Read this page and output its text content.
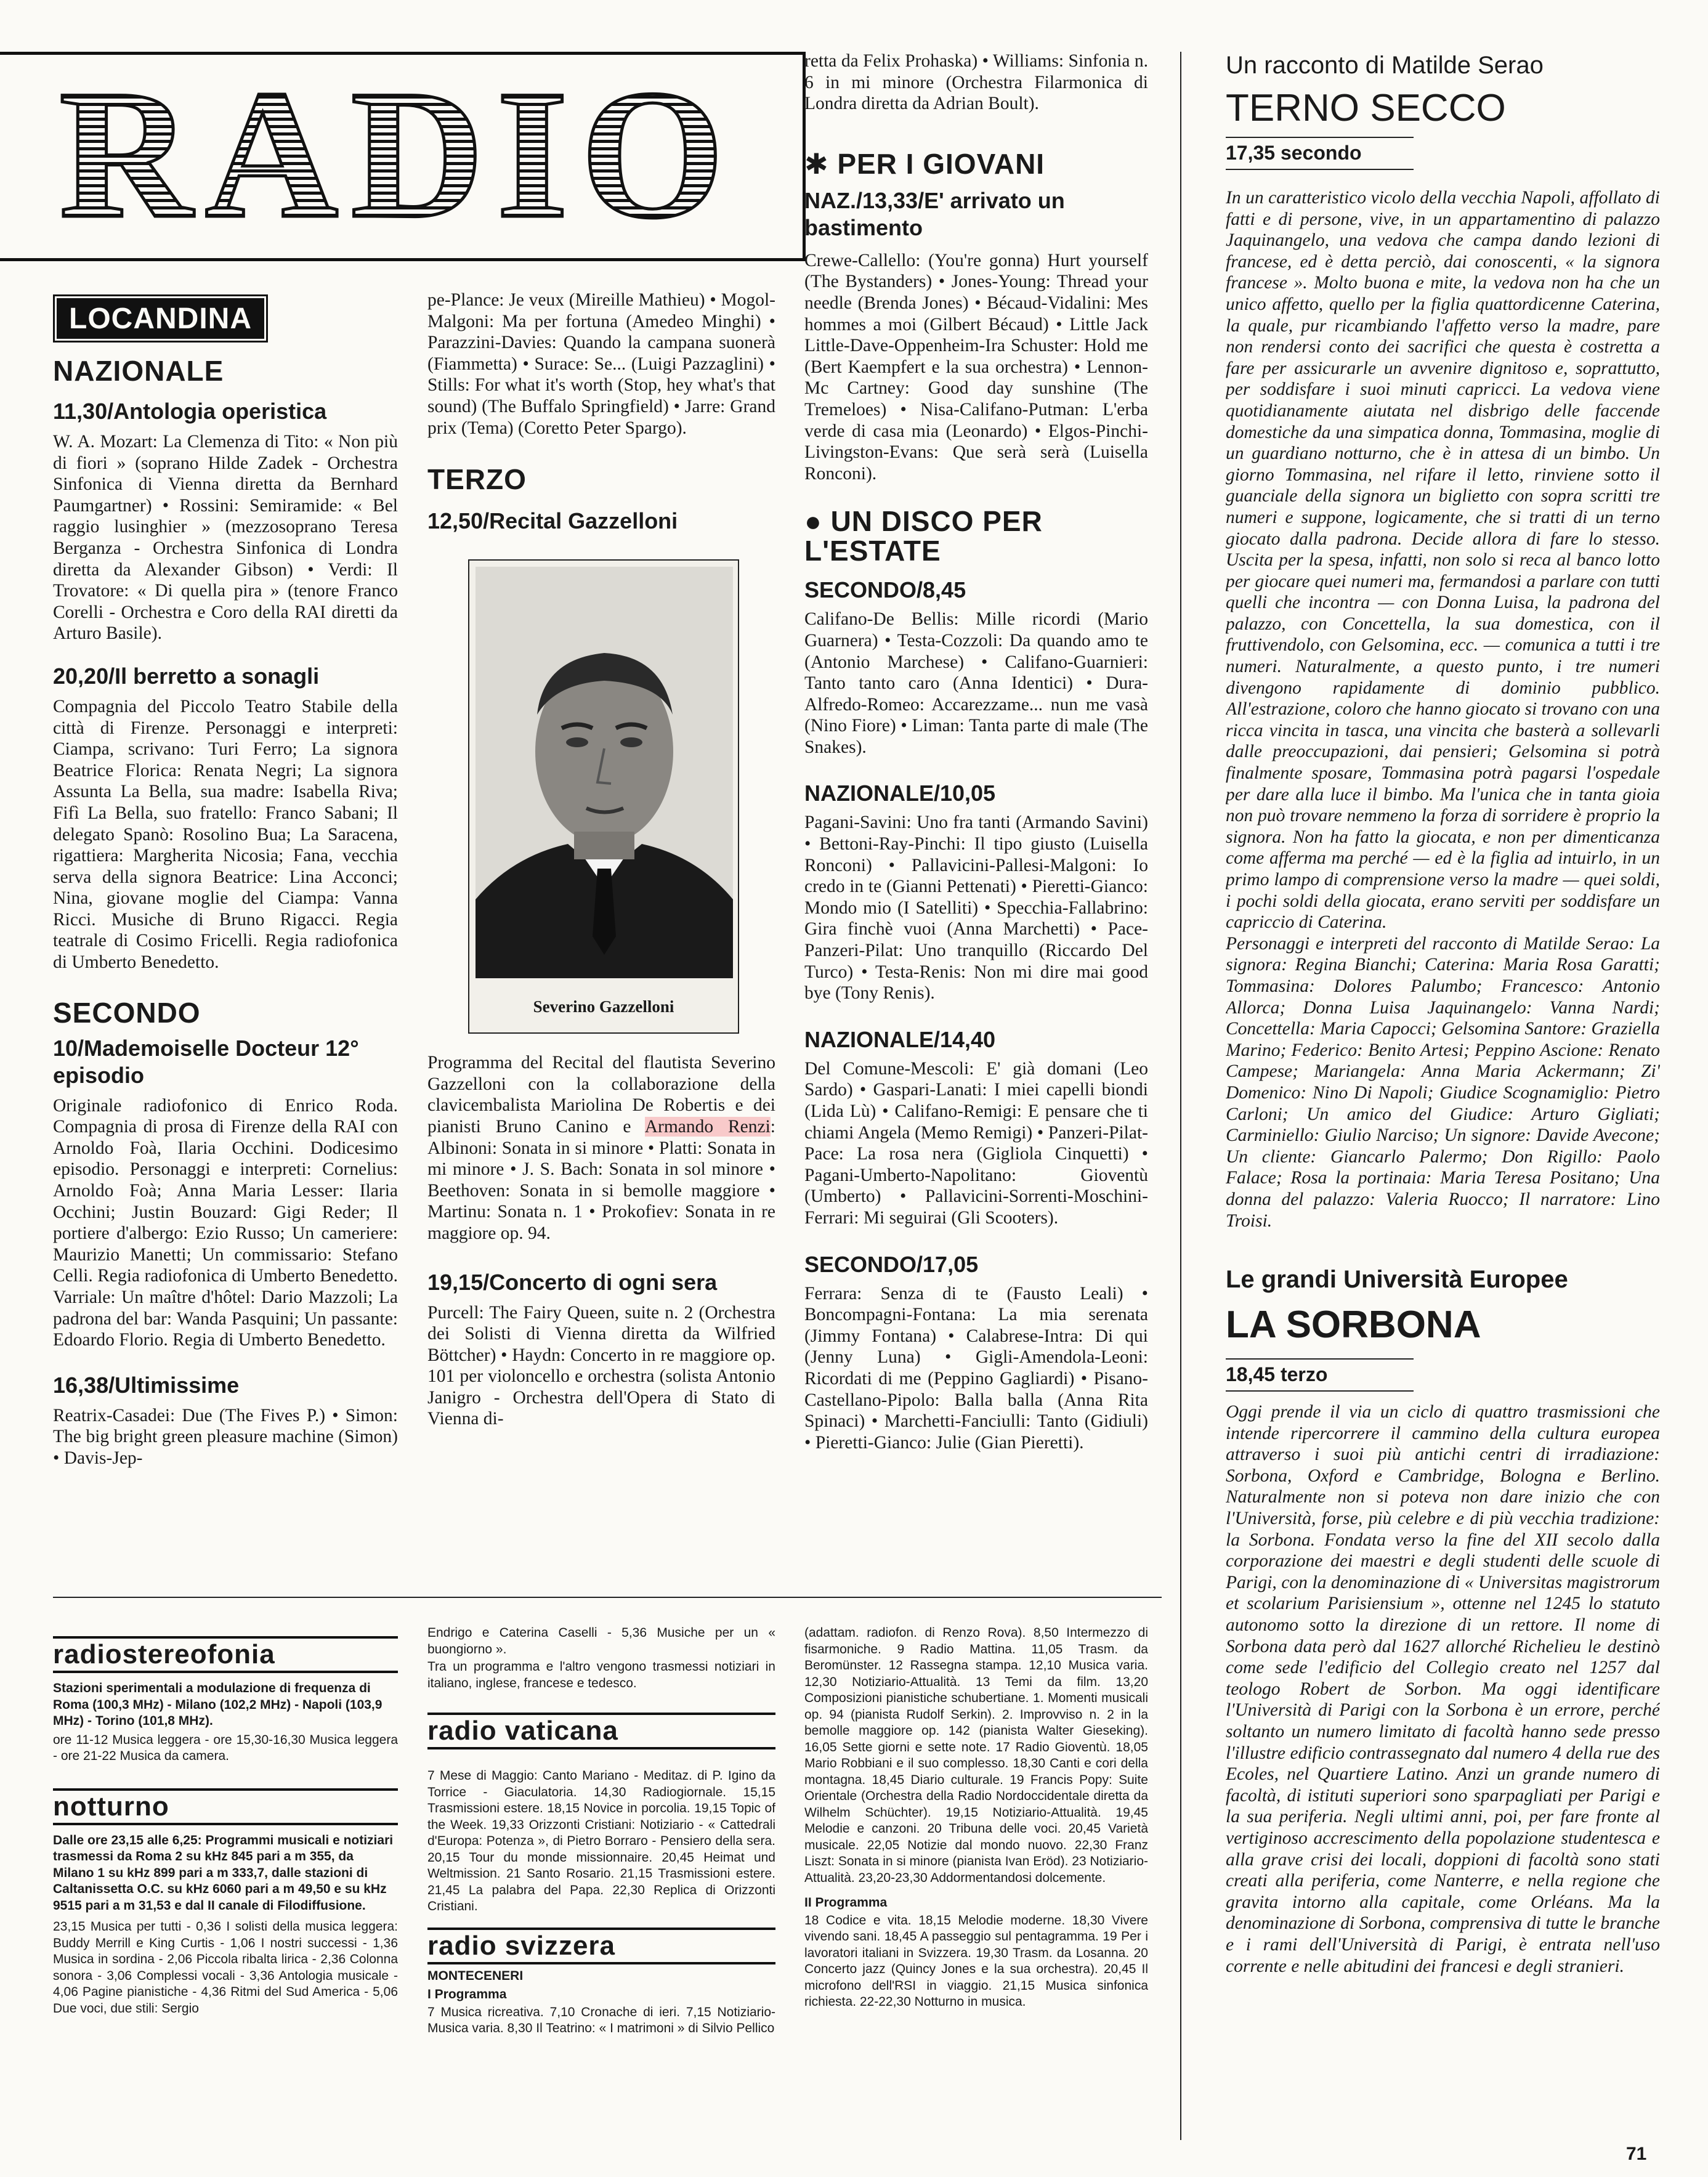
RADIO
LOCANDINA
NAZIONALE
11,30/Antologia operistica
W. A. Mozart: La Clemenza di Tito: « Non più di fiori » (soprano Hilde Zadek - Orchestra Sinfonica di Vienna diretta da Bernhard Paumgartner) • Rossini: Semiramide: « Bel raggio lusinghier » (mezzosoprano Teresa Berganza - Orchestra Sinfonica di Londra diretta da Alexander Gibson) • Verdi: Il Trovatore: « Di quella pira » (tenore Franco Corelli - Orchestra e Coro della RAI diretti da Arturo Basile).
20,20/Il berretto a sonagli
Compagnia del Piccolo Teatro Stabile della città di Firenze. Personaggi e interpreti: Ciampa, scrivano: Turi Ferro; La signora Beatrice Florica: Renata Negri; La signora Assunta La Bella, sua madre: Isabella Riva; Fifì La Bella, suo fratello: Franco Sabani; Il delegato Spanò: Rosolino Bua; La Saracena, rigattiera: Margherita Nicosia; Fana, vecchia serva della signora Beatrice: Lina Acconci; Nina, giovane moglie del Ciampa: Vanna Ricci. Musiche di Bruno Rigacci. Regia teatrale di Cosimo Fricelli. Regia radiofonica di Umberto Benedetto.
SECONDO
10/Mademoiselle Docteur 12° episodio
Originale radiofonico di Enrico Roda. Compagnia di prosa di Firenze della RAI con Arnoldo Foà, Ilaria Occhini. Dodicesimo episodio. Personaggi e interpreti: Cornelius: Arnoldo Foà; Anna Maria Lesser: Ilaria Occhini; Justin Bouzard: Gigi Reder; Il portiere d'albergo: Ezio Russo; Un cameriere: Maurizio Manetti; Un commissario: Stefano Celli. Regia radiofonica di Umberto Benedetto. Varriale: Un maître d'hôtel: Dario Mazzoli; La padrona del bar: Wanda Pasquini; Un passante: Edoardo Florio. Regia di Umberto Benedetto.
16,38/Ultimissime
Reatrix-Casadei: Due (The Fives P.) • Simon: The big bright green pleasure machine (Simon) • Davis-Jep-
pe-Plance: Je veux (Mireille Mathieu) • Mogol-Malgoni: Ma per fortuna (Amedeo Minghi) • Parazzini-Davies: Quando la campana suonerà (Fiammetta) • Surace: Se... (Luigi Pazzaglini) • Stills: For what it's worth (Stop, hey what's that sound) (The Buffalo Springfield) • Jarre: Grand prix (Tema) (Coretto Peter Spargo).
TERZO
12,50/Recital Gazzelloni
Severino Gazzelloni
Programma del Recital del flautista Severino Gazzelloni con la collaborazione della clavicembalista Mariolina De Robertis e dei pianisti Bruno Canino e Armando Renzi: Albinoni: Sonata in si minore • Platti: Sonata in mi minore • J. S. Bach: Sonata in sol minore • Beethoven: Sonata in si bemolle maggiore • Martinu: Sonata n. 1 • Prokofiev: Sonata in re maggiore op. 94.
19,15/Concerto di ogni sera
Purcell: The Fairy Queen, suite n. 2 (Orchestra dei Solisti di Vienna diretta da Wilfried Böttcher) • Haydn: Concerto in re maggiore op. 101 per violoncello e orchestra (solista Antonio Janigro - Orchestra dell'Opera di Stato di Vienna di-
retta da Felix Prohaska) • Williams: Sinfonia n. 6 in mi minore (Orchestra Filarmonica di Londra diretta da Adrian Boult).
✱ PER I GIOVANI
NAZ./13,33/E' arrivato un bastimento
Crewe-Callello: (You're gonna) Hurt yourself (The Bystanders) • Jones-Young: Thread your needle (Brenda Jones) • Bécaud-Vidalini: Mes hommes a moi (Gilbert Bécaud) • Little Jack Little-Dave-Oppenheim-Ira Schuster: Hold me (Bert Kaempfert e la sua orchestra) • Lennon-Mc Cartney: Good day sunshine (The Tremeloes) • Nisa-Califano-Putman: L'erba verde di casa mia (Leonardo) • Elgos-Pinchi-Livingston-Evans: Que serà serà (Luisella Ronconi).
● UN DISCO PER L'ESTATE
SECONDO/8,45
Califano-De Bellis: Mille ricordi (Mario Guarnera) • Testa-Cozzoli: Da quando amo te (Antonio Marchese) • Califano-Guarnieri: Tanto tanto caro (Anna Identici) • Dura-Alfredo-Romeo: Accarezzame... nun me vasà (Nino Fiore) • Liman: Tanta parte di male (The Snakes).
NAZIONALE/10,05
Pagani-Savini: Uno fra tanti (Armando Savini) • Bettoni-Ray-Pinchi: Il tipo giusto (Luisella Ronconi) • Pallavicini-Pallesi-Malgoni: Io credo in te (Gianni Pettenati) • Pieretti-Gianco: Mondo mio (I Satelliti) • Specchia-Fallabrino: Gira finchè vuoi (Anna Marchetti) • Pace-Panzeri-Pilat: Uno tranquillo (Riccardo Del Turco) • Testa-Renis: Non mi dire mai good bye (Tony Renis).
NAZIONALE/14,40
Del Comune-Mescoli: E' già domani (Leo Sardo) • Gaspari-Lanati: I miei capelli biondi (Lida Lù) • Califano-Remigi: E pensare che ti chiami Angela (Memo Remigi) • Panzeri-Pilat-Pace: La rosa nera (Gigliola Cinquetti) • Pagani-Umberto-Napolitano: Gioventù (Umberto) • Pallavicini-Sorrenti-Moschini-Ferrari: Mi seguirai (Gli Scooters).
SECONDO/17,05
Ferrara: Senza di te (Fausto Leali) • Boncompagni-Fontana: La mia serenata (Jimmy Fontana) • Calabrese-Intra: Di qui (Jenny Luna) • Gigli-Amendola-Leoni: Ricordati di me (Peppino Gagliardi) • Pisano-Castellano-Pipolo: Balla balla (Anna Rita Spinaci) • Marchetti-Fanciulli: Tanto (Gidiuli) • Pieretti-Gianco: Julie (Gian Pieretti).
Un racconto di Matilde Serao
TERNO SECCO
17,35 secondo
In un caratteristico vicolo della vecchia Napoli, affollato di fatti e di persone, vive, in un appartamentino di palazzo Jaquinangelo, una vedova che campa dando lezioni di francese, ed è detta perciò, dai conoscenti, « la signora francese ». Molto buona e mite, la vedova non ha che un unico affetto, quello per la figlia quattordicenne Caterina, la quale, pur ricambiando l'affetto verso la madre, pare non rendersi conto dei sacrifici che questa è costretta a fare per assicurarle un avvenire dignitoso e, soprattutto, per soddisfare i suoi minuti capricci. La vedova viene quotidianamente aiutata nel disbrigo delle faccende domestiche da una simpatica donna, Tommasina, moglie di un guardiano notturno, che è in attesa di un bimbo. Un giorno Tommasina, nel rifare il letto, rinviene sotto il guanciale della signora un biglietto con sopra scritti tre numeri e suppone, logicamente, che si tratti di un terno giocato dalla padrona. Decide allora di fare lo stesso. Uscita per la spesa, infatti, non solo si reca al banco lotto per giocare quei numeri ma, fermandosi a parlare con tutti quelli che incontra — con Donna Luisa, la padrona del palazzo, con Concettella, la sua domestica, con il fruttivendolo, con Gelsomina, ecc. — comunica a tutti i tre numeri. Naturalmente, a questo punto, i tre numeri divengono rapidamente di dominio pubblico. All'estrazione, coloro che hanno giocato si trovano con una ricca vincita in tasca, una vincita che basterà a sollevarli dalle preoccupazioni, dai pensieri; Gelsomina si potrà finalmente sposare, Tommasina potrà pagarsi l'ospedale per dare alla luce il bimbo. Ma l'unica che in tanta gioia non può trovare nemmeno la forza di sorridere è proprio la signora. Non ha fatto la giocata, e non per dimenticanza come afferma ma perché — ed è la figlia ad intuirlo, in un primo lampo di comprensione verso la madre — quei soldi, i pochi soldi della giocata, erano serviti per soddisfare un capriccio di Caterina.
Personaggi e interpreti del racconto di Matilde Serao: La signora: Regina Bianchi; Caterina: Maria Rosa Garatti; Tommasina: Dolores Palumbo; Francesco: Antonio Allorca; Donna Luisa Jaquinangelo: Vanna Nardi; Concettella: Maria Capocci; Gelsomina Santore: Graziella Marino; Federico: Benito Artesi; Peppino Ascione: Renato Campese; Mariangela: Anna Maria Ackermann; Zi' Domenico: Nino Di Napoli; Giudice Scognamiglio: Pietro Carloni; Un amico del Giudice: Arturo Gigliati; Carminiello: Giulio Narciso; Un signore: Davide Avecone; Un cliente: Giancarlo Palermo; Don Rigillo: Paolo Falace; Rosa la portinaia: Maria Teresa Positano; Una donna del palazzo: Valeria Ruocco; Il narratore: Lino Troisi.
Le grandi Università Europee
LA SORBONA
18,45 terzo
Oggi prende il via un ciclo di quattro trasmissioni che intende ripercorrere il cammino della cultura europea attraverso i suoi più antichi centri di irradiazione: Sorbona, Oxford e Cambridge, Bologna e Berlino. Naturalmente non si poteva non dare inizio che con l'Università, forse, più celebre e di più vecchia tradizione: la Sorbona. Fondata verso la fine del XII secolo dalla corporazione dei maestri e degli studenti delle scuole di Parigi, con la denominazione di « Universitas magistrorum et scolarium Parisiensium », ottenne nel 1245 lo statuto autonomo sotto la direzione di un rettore. Il nome di Sorbona data però dal 1627 allorché Richelieu le destinò come sede l'edificio del Collegio creato nel 1257 dal teologo Robert de Sorbon. Ma oggi identificare l'Università di Parigi con la Sorbona è un errore, perché soltanto un numero limitato di facoltà hanno sede presso l'illustre edificio contrassegnato dal numero 4 della rue des Ecoles, nel Quartiere Latino. Anzi un grande numero di facoltà, di istituti superiori sono sparpagliati per Parigi e la sua periferia. Negli ultimi anni, poi, per fare fronte al vertiginoso accrescimento della popolazione studentesca e alla grave crisi dei locali, doppioni di facoltà sono stati creati alla periferia, come Nanterre, e nella regione che gravita intorno alla capitale, come Orléans. Ma la denominazione di Sorbona, comprensiva di tutte le branche e i rami dell'Università di Parigi, è entrata nell'uso corrente e nelle abitudini dei francesi e degli stranieri.
radiostereofonia
Stazioni sperimentali a modulazione di frequenza di Roma (100,3 MHz) - Milano (102,2 MHz) - Napoli (103,9 MHz) - Torino (101,8 MHz).
ore 11-12 Musica leggera - ore 15,30-16,30 Musica leggera - ore 21-22 Musica da camera.
notturno
Dalle ore 23,15 alle 6,25: Programmi musicali e notiziari trasmessi da Roma 2 su kHz 845 pari a m 355, da Milano 1 su kHz 899 pari a m 333,7, dalle stazioni di Caltanissetta O.C. su kHz 6060 pari a m 49,50 e su kHz 9515 pari a m 31,53 e dal II canale di Filodiffusione.
23,15 Musica per tutti - 0,36 I solisti della musica leggera: Buddy Merrill e King Curtis - 1,06 I nostri successi - 1,36 Musica in sordina - 2,06 Piccola ribalta lirica - 2,36 Colonna sonora - 3,06 Complessi vocali - 3,36 Antologia musicale - 4,06 Pagine pianistiche - 4,36 Ritmi del Sud America - 5,06 Due voci, due stili: Sergio
Endrigo e Caterina Caselli - 5,36 Musiche per un « buongiorno ».
Tra un programma e l'altro vengono trasmessi notiziari in italiano, inglese, francese e tedesco.
radio vaticana
7 Mese di Maggio: Canto Mariano - Meditaz. di P. Igino da Torrice - Giaculatoria. 14,30 Radiogiornale. 15,15 Trasmissioni estere. 18,15 Novice in porcolia. 19,15 Topic of the Week. 19,33 Orizzonti Cristiani: Notiziario - « Cattedrali d'Europa: Potenza », di Pietro Borraro - Pensiero della sera. 20,15 Tour du monde missionnaire. 20,45 Heimat und Weltmission. 21 Santo Rosario. 21,15 Trasmissioni estere. 21,45 La palabra del Papa. 22,30 Replica di Orizzonti Cristiani.
radio svizzera
MONTECENERI
I Programma
7 Musica ricreativa. 7,10 Cronache di ieri. 7,15 Notiziario-Musica varia. 8,30 Il Teatrino: « I matrimoni » di Silvio Pellico
(adattam. radiofon. di Renzo Rova). 8,50 Intermezzo di fisarmoniche. 9 Radio Mattina. 11,05 Trasm. da Beromünster. 12 Rassegna stampa. 12,10 Musica varia. 12,30 Notiziario-Attualità. 13 Temi da film. 13,20 Composizioni pianistiche schubertiane. 1. Momenti musicali op. 94 (pianista Rudolf Serkin). 2. Improvviso n. 2 in la bemolle maggiore op. 142 (pianista Walter Gieseking). 16,05 Sette giorni e sette note. 17 Radio Gioventù. 18,05 Mario Robbiani e il suo complesso. 18,30 Canti e cori della montagna. 18,45 Diario culturale. 19 Francis Popy: Suite Orientale (Orchestra della Radio Nordoccidentale diretta da Wilhelm Schüchter). 19,15 Notiziario-Attualità. 19,45 Melodie e canzoni. 20 Tribuna delle voci. 20,45 Varietà musicale. 22,05 Notizie dal mondo nuovo. 22,30 Franz Liszt: Sonata in si minore (pianista Ivan Eröd). 23 Notiziario-Attualità. 23,20-23,30 Addormentandosi dolcemente.
II Programma
18 Codice e vita. 18,15 Melodie moderne. 18,30 Vivere vivendo sani. 18,45 A passeggio sul pentagramma. 19 Per i lavoratori italiani in Svizzera. 19,30 Trasm. da Losanna. 20 Concerto jazz (Quincy Jones e la sua orchestra). 20,45 Il microfono dell'RSI in viaggio. 21,15 Musica sinfonica richiesta. 22-22,30 Notturno in musica.
71
